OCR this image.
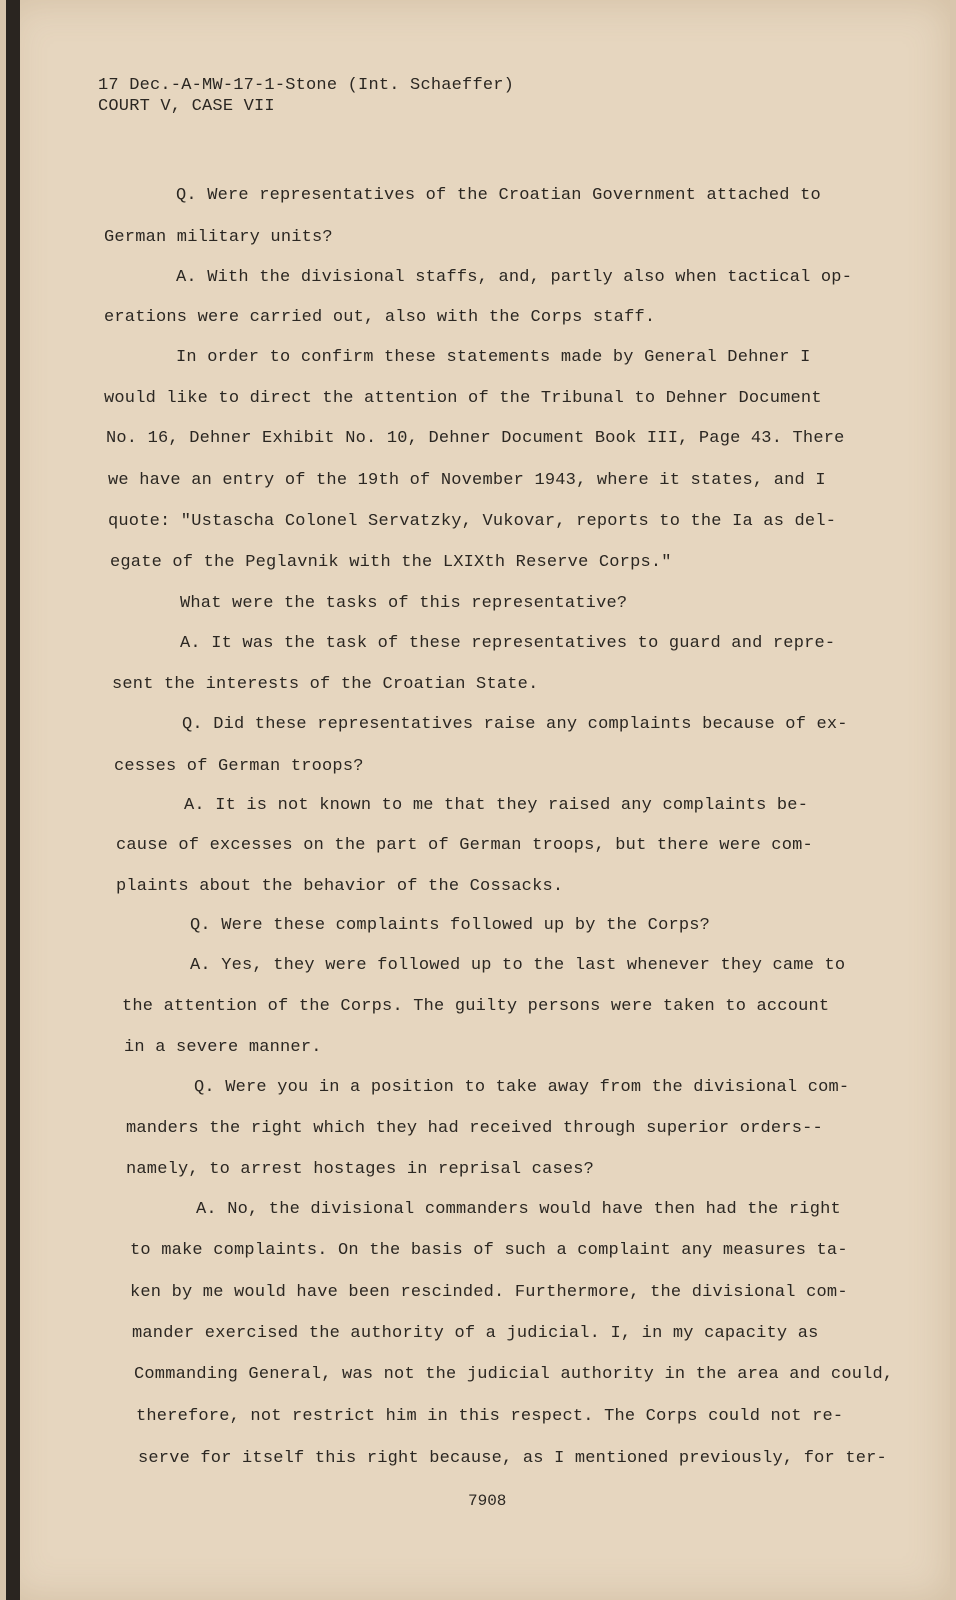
17 Dec.-A-MW-17-1-Stone (Int. Schaeffer)
COURT V, CASE VII
Q. Were representatives of the Croatian Government attached to
German military units?
A. With the divisional staffs, and, partly also when tactical op-
erations were carried out, also with the Corps staff.
In order to confirm these statements made by General Dehner I
would like to direct the attention of the Tribunal to Dehner Document
No. 16, Dehner Exhibit No. 10, Dehner Document Book III, Page 43. There
we have an entry of the 19th of November 1943, where it states, and I
quote: "Ustascha Colonel Servatzky, Vukovar, reports to the Ia as del-
egate of the Peglavnik with the LXIXth Reserve Corps."
What were the tasks of this representative?
A. It was the task of these representatives to guard and repre-
sent the interests of the Croatian State.
Q. Did these representatives raise any complaints because of ex-
cesses of German troops?
A. It is not known to me that they raised any complaints be-
cause of excesses on the part of German troops, but there were com-
plaints about the behavior of the Cossacks.
Q. Were these complaints followed up by the Corps?
A. Yes, they were followed up to the last whenever they came to
the attention of the Corps. The guilty persons were taken to account
in a severe manner.
Q. Were you in a position to take away from the divisional com-
manders the right which they had received through superior orders--
namely, to arrest hostages in reprisal cases?
A. No, the divisional commanders would have then had the right
to make complaints. On the basis of such a complaint any measures ta-
ken by me would have been rescinded. Furthermore, the divisional com-
mander exercised the authority of a judicial. I, in my capacity as
Commanding General, was not the judicial authority in the area and could,
therefore, not restrict him in this respect. The Corps could not re-
serve for itself this right because, as I mentioned previously, for ter-
7908
